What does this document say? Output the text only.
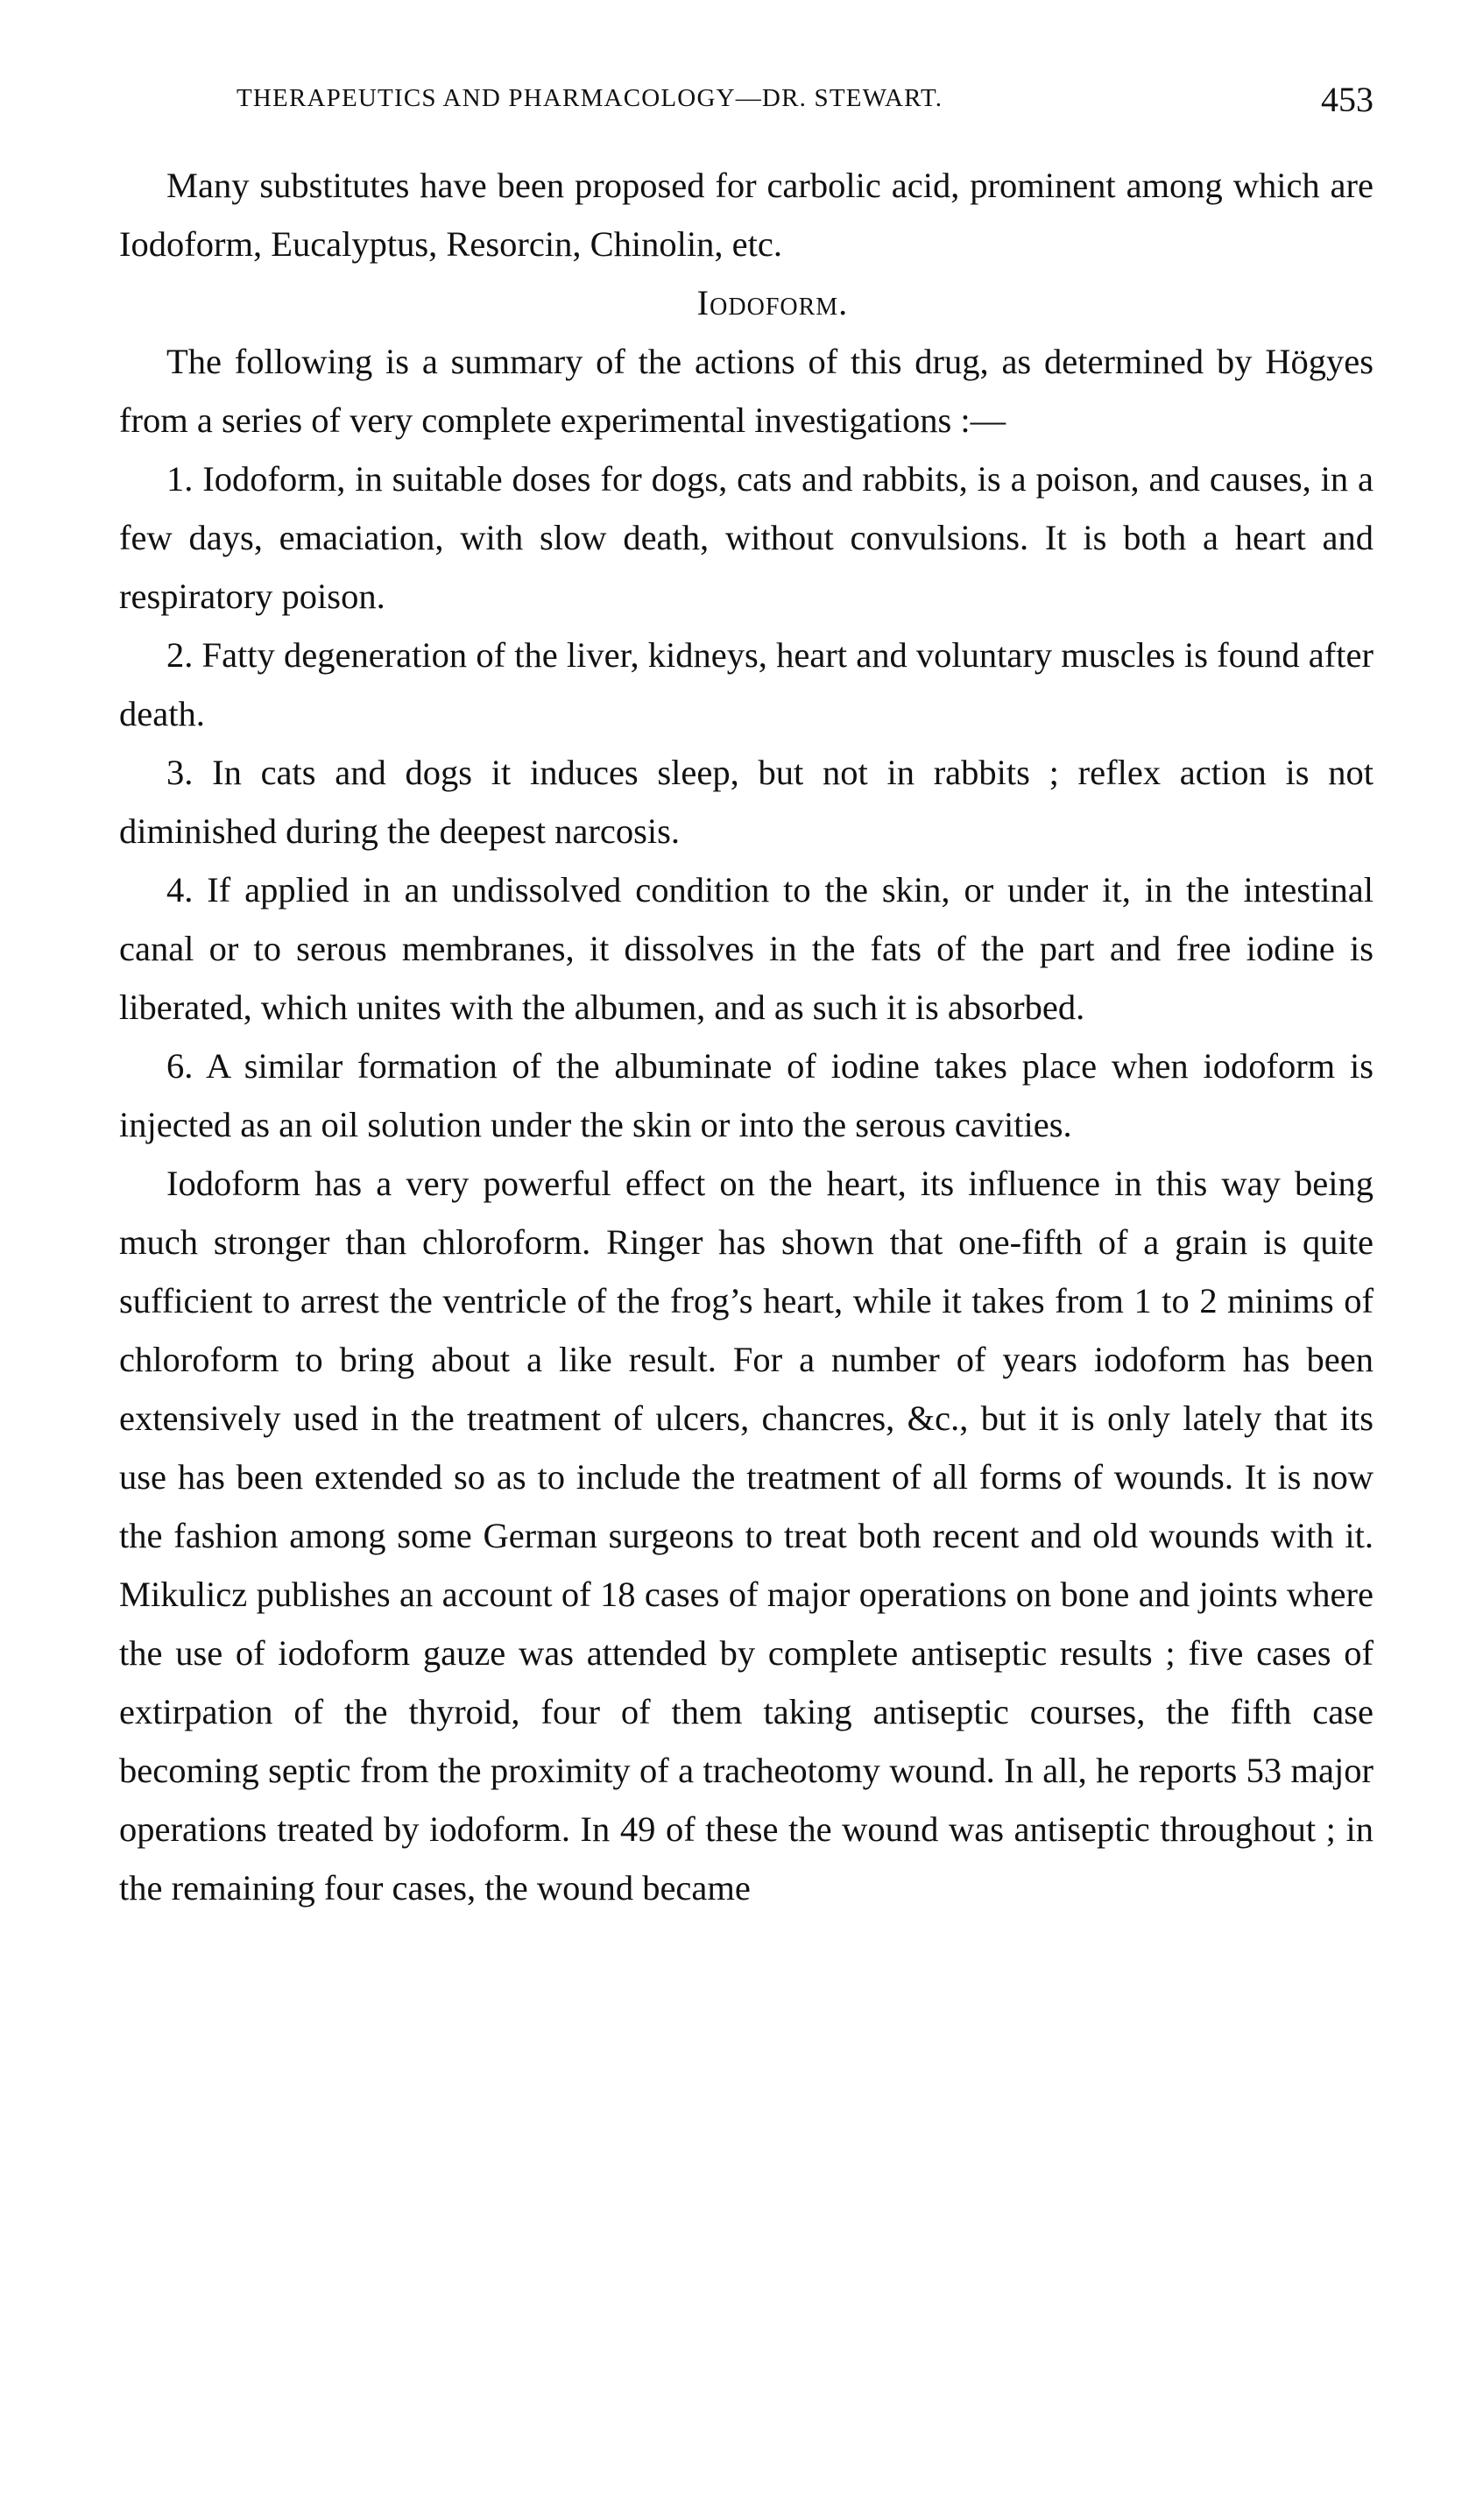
THERAPEUTICS AND PHARMACOLOGY—DR. STEWART.	453

Many substitutes have been proposed for carbolic acid, prominent among which are Iodoform, Eucalyptus, Resorcin, Chinolin, etc.

Iodoform.

The following is a summary of the actions of this drug, as determined by Högyes from a series of very complete experimental investigations :—

1. Iodoform, in suitable doses for dogs, cats and rabbits, is a poison, and causes, in a few days, emaciation, with slow death, without convulsions. It is both a heart and respiratory poison.

2. Fatty degeneration of the liver, kidneys, heart and voluntary muscles is found after death.

3. In cats and dogs it induces sleep, but not in rabbits ; reflex action is not diminished during the deepest narcosis.

4. If applied in an undissolved condition to the skin, or under it, in the intestinal canal or to serous membranes, it dissolves in the fats of the part and free iodine is liberated, which unites with the albumen, and as such it is absorbed.

6. A similar formation of the albuminate of iodine takes place when iodoform is injected as an oil solution under the skin or into the serous cavities.

Iodoform has a very powerful effect on the heart, its influence in this way being much stronger than chloroform. Ringer has shown that one-fifth of a grain is quite sufficient to arrest the ventricle of the frog’s heart, while it takes from 1 to 2 minims of chloroform to bring about a like result. For a number of years iodoform has been extensively used in the treatment of ulcers, chancres, &c., but it is only lately that its use has been extended so as to include the treatment of all forms of wounds. It is now the fashion among some German surgeons to treat both recent and old wounds with it. Mikulicz publishes an account of 18 cases of major operations on bone and joints where the use of iodoform gauze was attended by complete antiseptic results ; five cases of extirpation of the thyroid, four of them taking antiseptic courses, the fifth case becoming septic from the proximity of a tracheotomy wound. In all, he reports 53 major operations treated by iodoform. In 49 of these the wound was antiseptic throughout ; in the remaining four cases, the wound became
